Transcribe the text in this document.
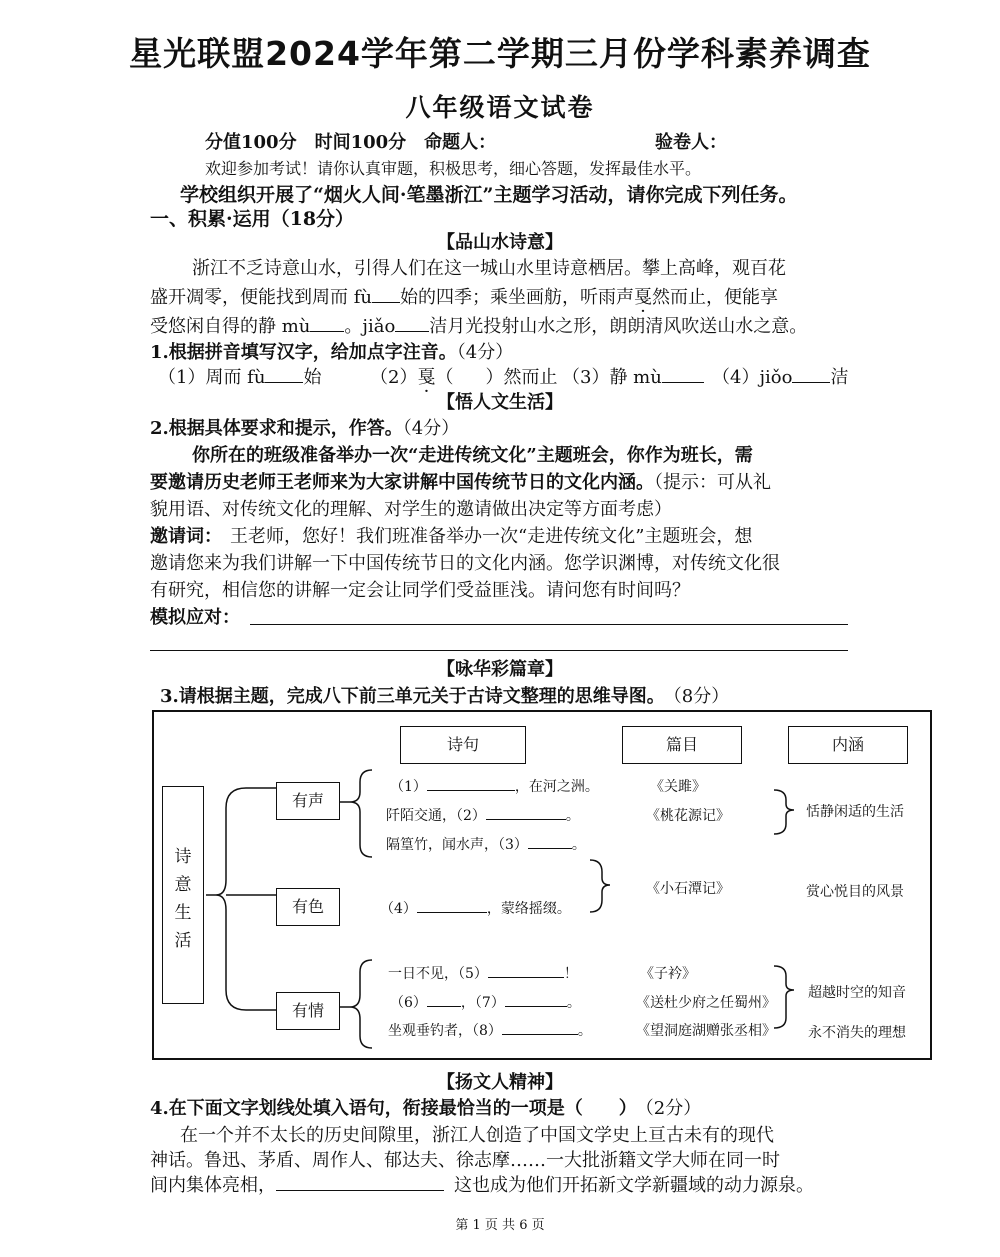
星光联盟2024学年第二学期三月份学科素养调查
八年级语文试卷
分值100分　时间100分　命题人：	验卷人：
欢迎参加考试！请你认真审题，积极思考，细心答题，发挥最佳水平。
学校组织开展了“烟火人间·笔墨浙江”主题学习活动，请你完成下列任务。
一、积累·运用（18分）
【品山水诗意】
浙江不乏诗意山水，引得人们在这一城山水里诗意栖居。攀上高峰，观百花
盛开凋零，便能找到周而 fù 始的四季；乘坐画舫，听雨声戛然而止，便能享
受悠闲自得的静 mù 。jiǎo 洁月光投射山水之形，朗朗清风吹送山水之意。
1.根据拼音填写汉字，给加点字注音。（4分）
（1）周而 fù 始	（2）戛（ ）然而止 （3）静 mù	（4）jiǒo 洁
【悟人文生活】
2.根据具体要求和提示，作答。（4分）
你所在的班级准备举办一次“走进传统文化”主题班会，你作为班长，需
要邀请历史老师王老师来为大家讲解中国传统节日的文化内涵。（提示：可从礼
貌用语、对传统文化的理解、对学生的邀请做出决定等方面考虑）
邀请词： 王老师，您好！我们班准备举办一次“走进传统文化”主题班会，想
邀请您来为我们讲解一下中国传统节日的文化内涵。您学识渊博，对传统文化很
有研究，相信您的讲解一定会让同学们受益匪浅。请问您有时间吗？
模拟应对：
【咏华彩篇章】
3.请根据主题，完成八下前三单元关于古诗文整理的思维导图。 （8分）
诗句	篇目	内涵
诗
意
生
活
有声
有色
有情
（1）	，在河之洲。
阡陌交通，（2）	。
隔篁竹，闻水声，（3）	。
（4）	，蒙络摇缀。
一日不见，（5）	！
（6） ，（7）	。
坐观垂钓者，（8）	。
《关雎》
《桃花源记》
《小石潭记》
《子衿》
《送杜少府之任蜀州》
《望洞庭湖赠张丞相》
恬静闲适的生活
赏心悦目的风景
超越时空的知音
永不消失的理想
【扬文人精神】
4.在下面文字划线处填入语句，衔接最恰当的一项是（　　） （2分）
在一个并不太长的历史间隙里，浙江人创造了中国文学史上亘古未有的现代
神话。鲁迅、茅盾、周作人、郁达夫、徐志摩……一大批浙籍文学大师在同一时
间内集体亮相，	这也成为他们开拓新文学新疆域的动力源泉。
第 1 页 共 6 页
